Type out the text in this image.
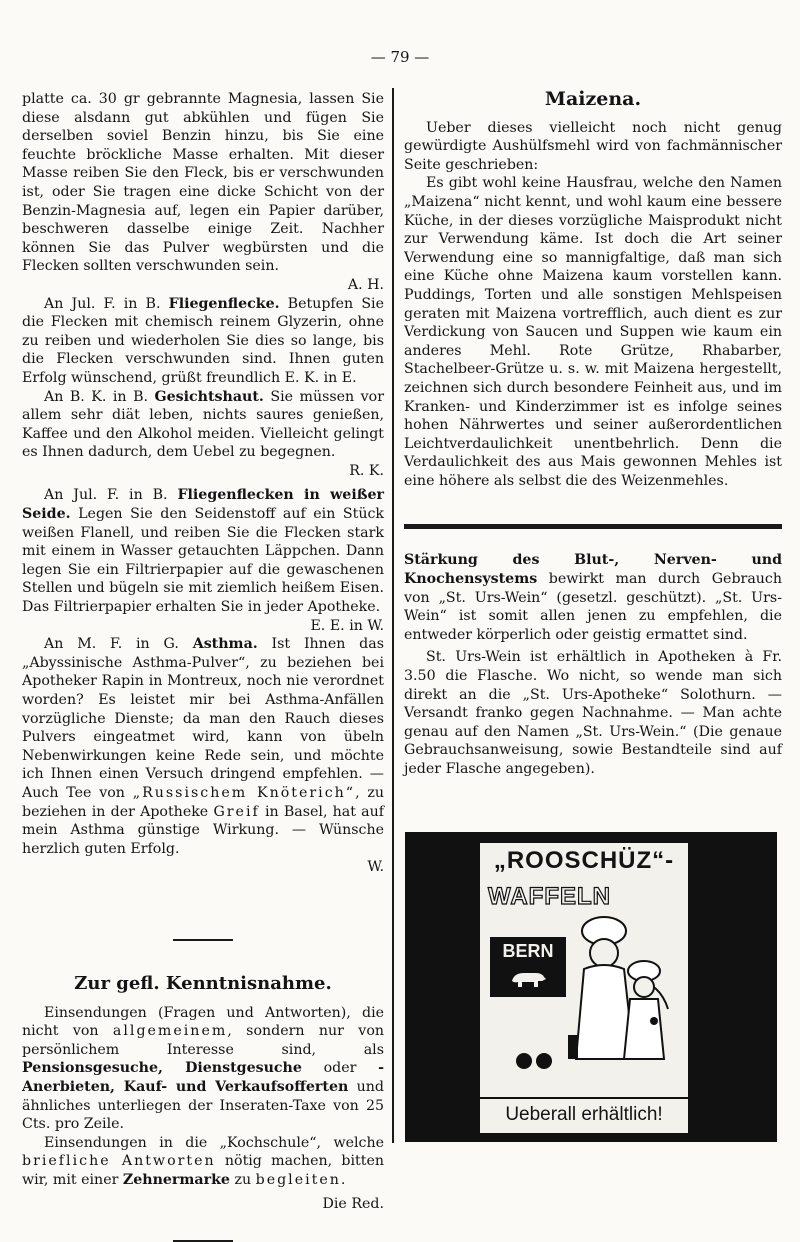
— 79 —

platte ca. 30 gr gebrannte Magnesia, lassen Sie diese alsdann gut abkühlen und fügen Sie derselben soviel Benzin hinzu, bis Sie eine feuchte bröckliche Masse erhalten. Mit dieser Masse reiben Sie den Fleck, bis er verschwunden ist, oder Sie tragen eine dicke Schicht von der Benzin-Magnesia auf, legen ein Papier darüber, beschweren dasselbe einige Zeit. Nachher können Sie das Pulver wegbürsten und die Flecken sollten verschwunden sein.
A. H.

An Jul. F. in B. Fliegenflecke. Betupfen Sie die Flecken mit chemisch reinem Glyzerin, ohne zu reiben und wiederholen Sie dies so lange, bis die Flecken verschwunden sind. Ihnen guten Erfolg wünschend, grüßt freundlich E. K. in E.

An B. K. in B. Gesichtshaut. Sie müssen vor allem sehr diät leben, nichts saures genießen, Kaffee und den Alkohol meiden. Vielleicht gelingt es Ihnen dadurch, dem Uebel zu begegnen.
R. K.

An Jul. F. in B. Fliegenflecken in weißer Seide. Legen Sie den Seidenstoff auf ein Stück weißen Flanell, und reiben Sie die Flecken stark mit einem in Wasser getauchten Läppchen. Dann legen Sie ein Filtrierpapier auf die gewaschenen Stellen und bügeln sie mit ziemlich heißem Eisen. Das Filtrierpapier erhalten Sie in jeder Apotheke.
E. E. in W.

An M. F. in G. Asthma. Ist Ihnen das „Abyssinische Asthma-Pulver“, zu beziehen bei Apotheker Rapin in Montreux, noch nie verordnet worden? Es leistet mir bei Asthma-Anfällen vorzügliche Dienste; da man den Rauch dieses Pulvers eingeatmet wird, kann von übeln Nebenwirkungen keine Rede sein, und möchte ich Ihnen einen Versuch dringend empfehlen. — Auch Tee von „Russischem Knöterich“, zu beziehen in der Apotheke Greif in Basel, hat auf mein Asthma günstige Wirkung. — Wünsche herzlich guten Erfolg.
W.

Zur gefl. Kenntnisnahme.

Einsendungen (Fragen und Antworten), die nicht von allgemeinem, sondern nur von persönlichem Interesse sind, als Pensionsgesuche, Dienstgesuche oder -Anerbieten, Kauf- und Verkaufsofferten und ähnliches unterliegen der Inseraten-Taxe von 25 Cts. pro Zeile.

Einsendungen in die „Kochschule“, welche briefliche Antworten nötig machen, bitten wir, mit einer Zehnermarke zu begleiten.

Die Red.
Maizena.

Ueber dieses vielleicht noch nicht genug gewürdigte Aushülfsmehl wird von fachmännischer Seite geschrieben:

Es gibt wohl keine Hausfrau, welche den Namen „Maizena“ nicht kennt, und wohl kaum eine bessere Küche, in der dieses vorzügliche Maisprodukt nicht zur Verwendung käme. Ist doch die Art seiner Verwendung eine so mannigfaltige, daß man sich eine Küche ohne Maizena kaum vorstellen kann. Puddings, Torten und alle sonstigen Mehlspeisen geraten mit Maizena vortrefflich, auch dient es zur Verdickung von Saucen und Suppen wie kaum ein anderes Mehl. Rote Grütze, Rhabarber, Stachelbeer-Grütze u. s. w. mit Maizena hergestellt, zeichnen sich durch besondere Feinheit aus, und im Kranken- und Kinderzimmer ist es infolge seines hohen Nährwertes und seiner außerordentlichen Leichtverdaulichkeit unentbehrlich. Denn die Verdaulichkeit des aus Mais gewonnen Mehles ist eine höhere als selbst die des Weizenmehles.

Stärkung des Blut-, Nerven- und Knochensystems bewirkt man durch Gebrauch von „St. Urs-Wein“ (gesetzl. geschützt). „St. Urs-Wein“ ist somit allen jenen zu empfehlen, die entweder körperlich oder geistig ermattet sind.

St. Urs-Wein ist erhältlich in Apotheken à Fr. 3.50 die Flasche. Wo nicht, so wende man sich direkt an die „St. Urs-Apotheke“ Solothurn. — Versandt franko gegen Nachnahme. — Man achte genau auf den Namen „St. Urs-Wein.“ (Die genaue Gebrauchsanweisung, sowie Bestandteile sind auf jeder Flasche angegeben).

„ROOSCHÜZ“-
WAFFELN
BERN
Ueberall erhältlich!
